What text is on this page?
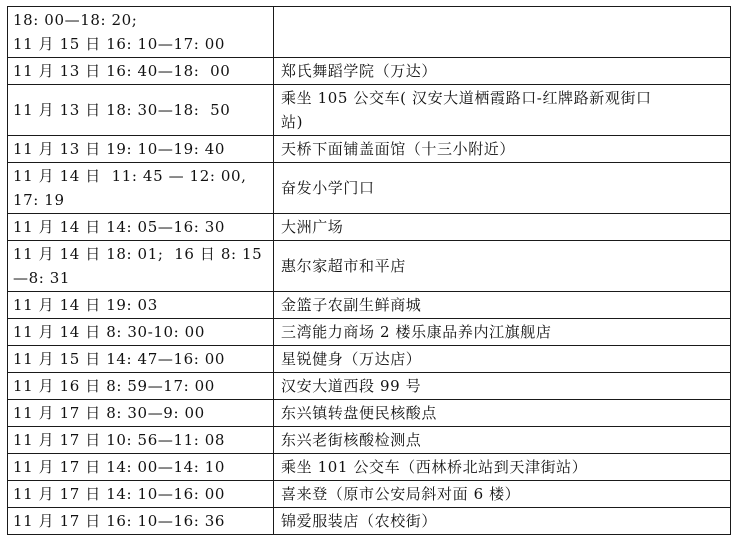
18: 00—18: 20;
11 月 15 日 16: 10—17: 00	

11 月 13 日 16: 40—18:  00	郑氏舞蹈学院（万达）

11 月 13 日 18: 30—18:  50	乘坐 105 公交车( 汉安大道栖霞路口-红牌路新观街口
站)

11 月 13 日 19: 10—19: 40	天桥下面铺盖面馆（十三小附近）

11 月 14 日  11: 45 — 12: 00,
17: 19	奋发小学门口

11 月 14 日 14: 05—16: 30	大洲广场

11 月 14 日 18: 01;  16 日 8: 15
—8: 31	惠尔家超市和平店

11 月 14 日 19: 03	金篮子农副生鲜商城

11 月 14 日 8: 30-10: 00	三湾能力商场 2 楼乐康品养内江旗舰店

11 月 15 日 14: 47—16: 00	星锐健身（万达店）

11 月 16 日 8: 59—17: 00	汉安大道西段 99 号

11 月 17 日 8: 30—9: 00	东兴镇转盘便民核酸点

11 月 17 日 10: 56—11: 08	东兴老街核酸检测点

11 月 17 日 14: 00—14: 10	乘坐 101 公交车（西林桥北站到天津街站）

11 月 17 日 14: 10—16: 00	喜来登（原市公安局斜对面 6 楼）

11 月 17 日 16: 10—16: 36	锦爱服装店（农校街）
